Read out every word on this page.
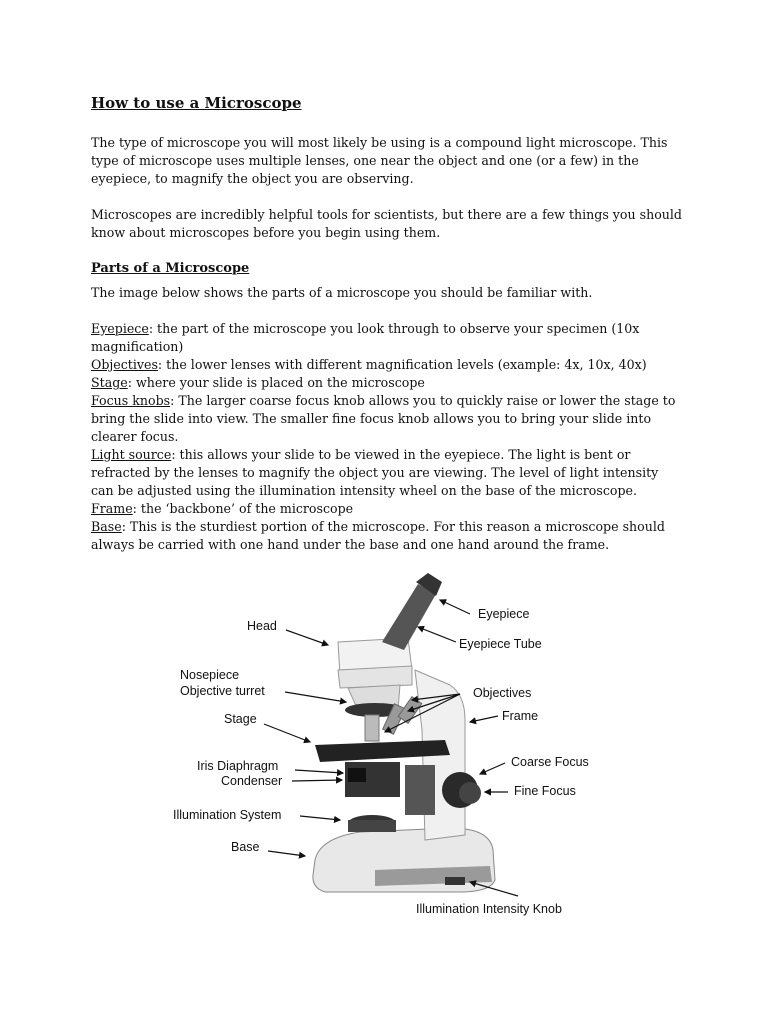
How to use a Microscope

The type of microscope you will most likely be using is a compound light microscope. This type of microscope uses multiple lenses, one near the object and one (or a few) in the eyepiece, to magnify the object you are observing.

Microscopes are incredibly helpful tools for scientists, but there are a few things you should know about microscopes before you begin using them.

Parts of a Microscope

The image below shows the parts of a microscope you should be familiar with.

Eyepiece: the part of the microscope you look through to observe your specimen (10x magnification)

Objectives: the lower lenses with different magnification levels (example: 4x, 10x, 40x)

Stage: where your slide is placed on the microscope

Focus knobs: The larger coarse focus knob allows you to quickly raise or lower the stage to bring the slide into view. The smaller fine focus knob allows you to bring your slide into clearer focus.

Light source: this allows your slide to be viewed in the eyepiece. The light is bent or refracted by the lenses to magnify the object you are viewing. The level of light intensity can be adjusted using the illumination intensity wheel on the base of the microscope.

Frame: the ‘backbone’ of the microscope

Base: This is the sturdiest portion of the microscope. For this reason a microscope should always be carried with one hand under the base and one hand around the frame.

Eyepiece
Head
Eyepiece Tube
Nosepiece
Objective turret	Objectives
Frame
Stage
Iris Diaphragm
Condenser
Coarse Focus
Fine Focus
Illumination System
Base
Illumination Intensity Knob
